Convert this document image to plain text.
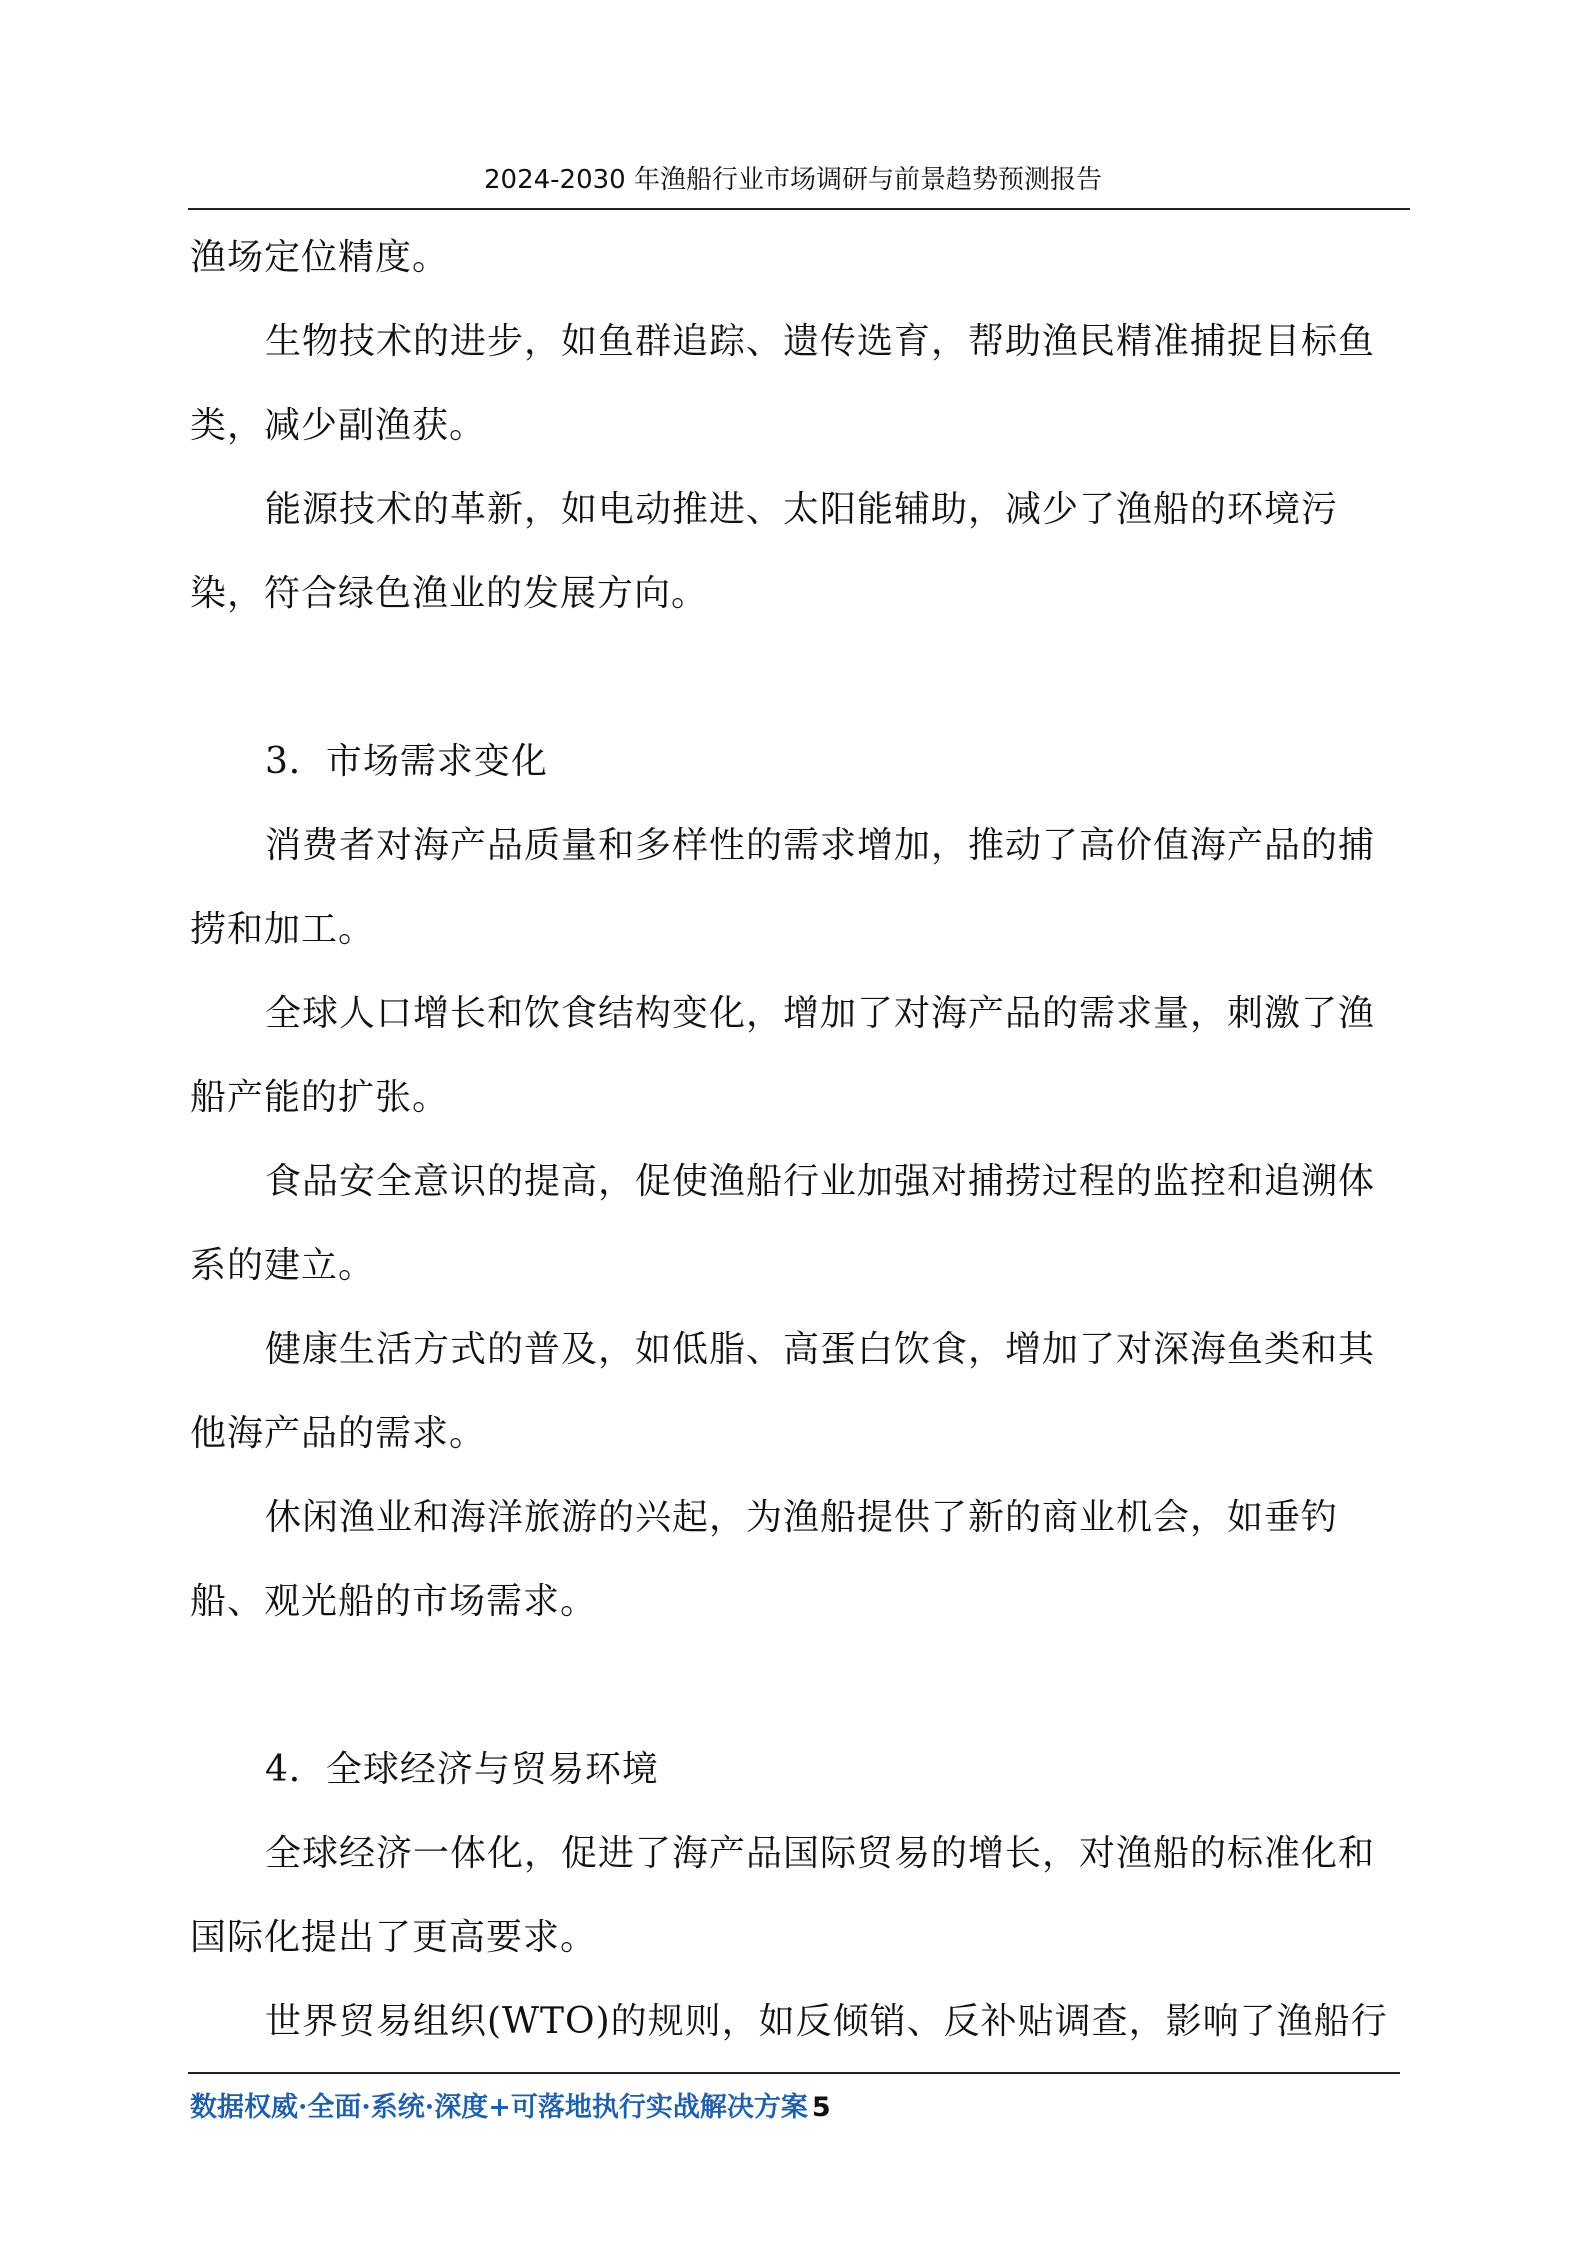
2024-2030 年渔船行业市场调研与前景趋势预测报告

渔场定位精度。

生物技术的进步，如鱼群追踪、遗传选育，帮助渔民精准捕捉目标鱼类，减少副渔获。

能源技术的革新，如电动推进、太阳能辅助，减少了渔船的环境污染，符合绿色渔业的发展方向。

3．市场需求变化

消费者对海产品质量和多样性的需求增加，推动了高价值海产品的捕捞和加工。

全球人口增长和饮食结构变化，增加了对海产品的需求量，刺激了渔船产能的扩张。

食品安全意识的提高，促使渔船行业加强对捕捞过程的监控和追溯体系的建立。

健康生活方式的普及，如低脂、高蛋白饮食，增加了对深海鱼类和其他海产品的需求。

休闲渔业和海洋旅游的兴起，为渔船提供了新的商业机会，如垂钓船、观光船的市场需求。

4．全球经济与贸易环境

全球经济一体化，促进了海产品国际贸易的增长，对渔船的标准化和国际化提出了更高要求。

世界贸易组织(WTO)的规则，如反倾销、反补贴调查，影响了渔船行

数据权威·全面·系统·深度+可落地执行实战解决方案 5
